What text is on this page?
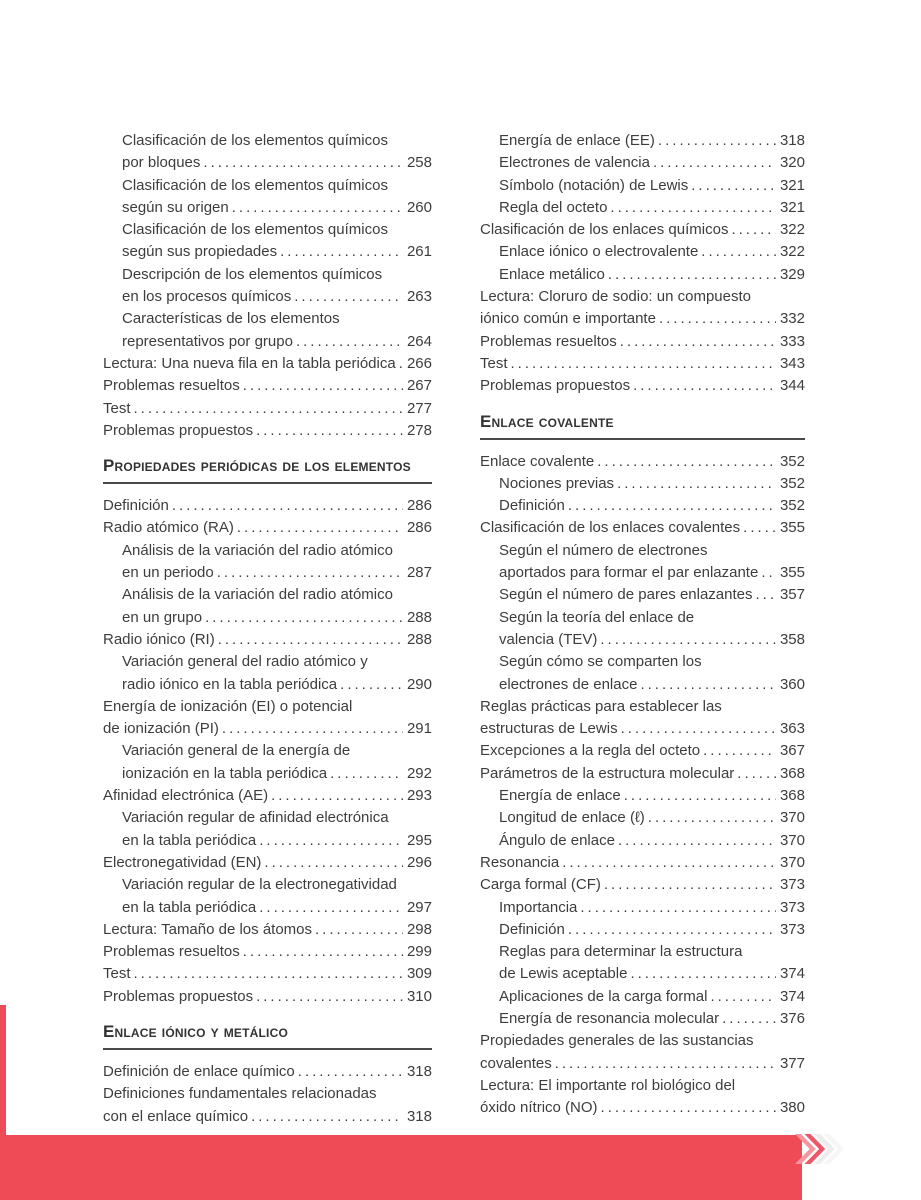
Clasificación de los elementos químicos
por bloques .....	258
Clasificación de los elementos químicos
según su origen .....	260
Clasificación de los elementos químicos
según sus propiedades .....	261
Descripción de los elementos químicos
en los procesos químicos .....	263
Características de los elementos
representativos por grupo .....	264
Lectura: Una nueva fila en la tabla periódica ..... 266
Problemas resueltos .....	267
Test .....	277
Problemas propuestos .....	278
Propiedades periódicas de los elementos
Definición .....	286
Radio atómico (RA) .....	286
Análisis de la variación del radio atómico
en un periodo .....	287
Análisis de la variación del radio atómico
en un grupo .....	288
Radio iónico (RI) .....	288
Variación general del radio atómico y
radio iónico en la tabla periódica .....	290
Energía de ionización (EI) o potencial
de ionización (PI) .....	291
Variación general de la energía de
ionización en la tabla periódica .....	292
Afinidad electrónica (AE) .....	293
Variación regular de afinidad electrónica
en la tabla periódica .....	295
Electronegatividad (EN) .....	296
Variación regular de la electronegatividad
en la tabla periódica .....	297
Lectura: Tamaño de los átomos .....	298
Problemas resueltos .....	299
Test .....	309
Problemas propuestos .....	310
Enlace iónico y metálico
Definición de enlace químico .....	318
Definiciones fundamentales relacionadas
con el enlace químico .....	318
Energía de enlace (EE) .....	318
Electrones de valencia .....	320
Símbolo (notación) de Lewis .....	321
Regla del octeto .....	321
Clasificación de los enlaces químicos .....	322
Enlace iónico o electrovalente .....	322
Enlace metálico .....	329
Lectura: Cloruro de sodio: un compuesto
iónico común e importante .....	332
Problemas resueltos .....	333
Test .....	343
Problemas propuestos .....	344
Enlace covalente
Enlace covalente .....	352
Nociones previas .....	352
Definición .....	352
Clasificación de los enlaces covalentes .....	355
Según el número de electrones
aportados para formar el par enlazante ..... 355
Según el número de pares enlazantes ..... 357
Según la teoría del enlace de
valencia (TEV) .....	358
Según cómo se comparten los
electrones de enlace .....	360
Reglas prácticas para establecer las
estructuras de Lewis .....	363
Excepciones a la regla del octeto .....	367
Parámetros de la estructura molecular .....	368
Energía de enlace .....	368
Longitud de enlace (ℓ) .....	370
Ángulo de enlace .....	370
Resonancia .....	370
Carga formal (CF) .....	373
Importancia .....	373
Definición .....	373
Reglas para determinar la estructura
de Lewis aceptable .....	374
Aplicaciones de la carga formal .....	374
Energía de resonancia molecular .....	376
Propiedades generales de las sustancias
covalentes .....	377
Lectura: El importante rol biológico del
óxido nítrico (NO) .....	380
